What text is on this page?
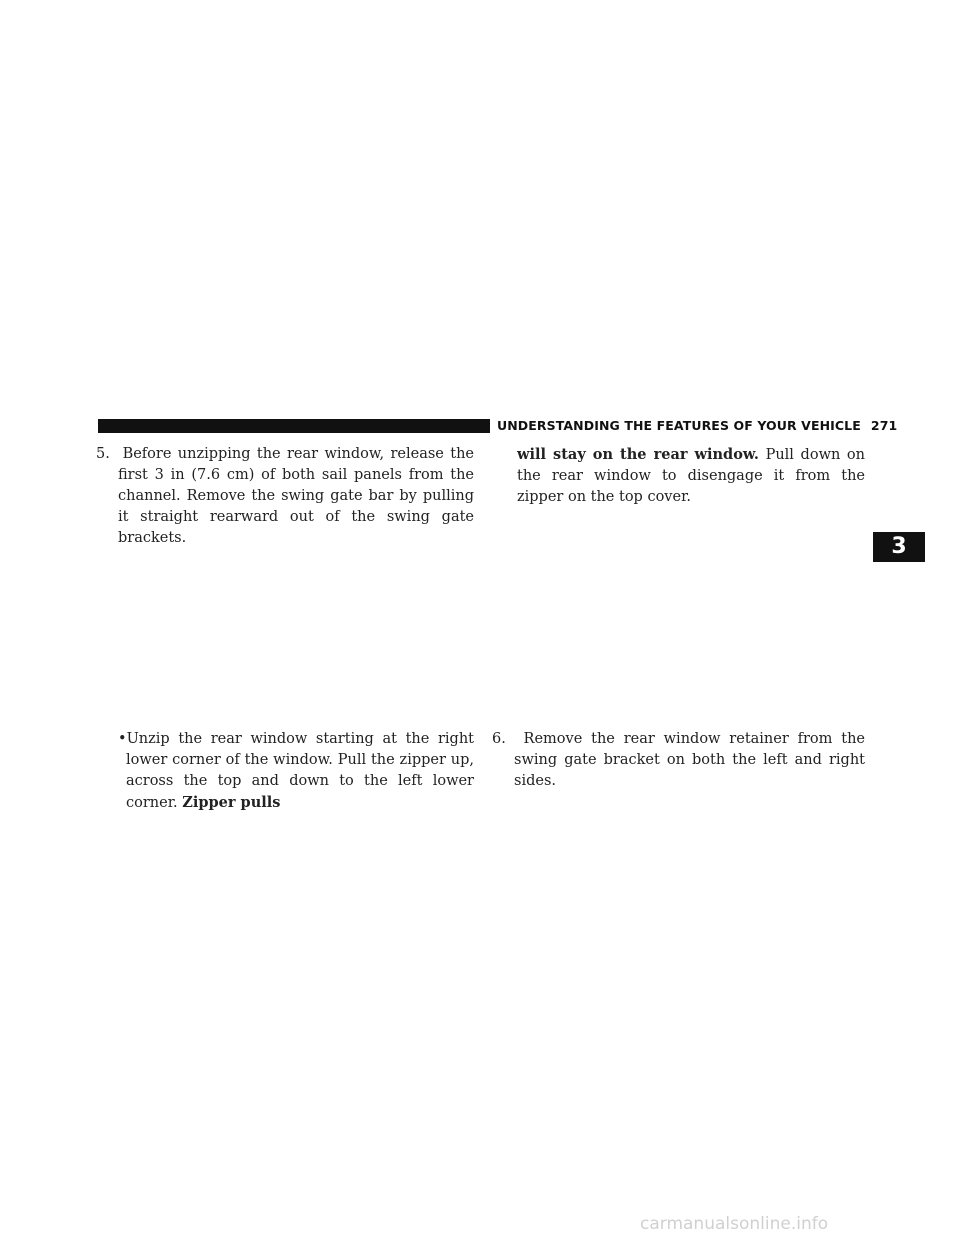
UNDERSTANDING THE FEATURES OF YOUR VEHICLE 271
3

5. Before unzipping the rear window, release the first 3 in (7.6 cm) of both sail panels from the channel. Remove the swing gate bar by pulling it straight rearward out of the swing gate brackets.

•Unzip the rear window starting at the right lower corner of the window. Pull the zipper up, across the top and down to the left lower corner. Zipper pulls

will stay on the rear window. Pull down on the rear window to disengage it from the zipper on the top cover.

6. Remove the rear window retainer from the swing gate bracket on both the left and right sides.

carmanualsonline.info
